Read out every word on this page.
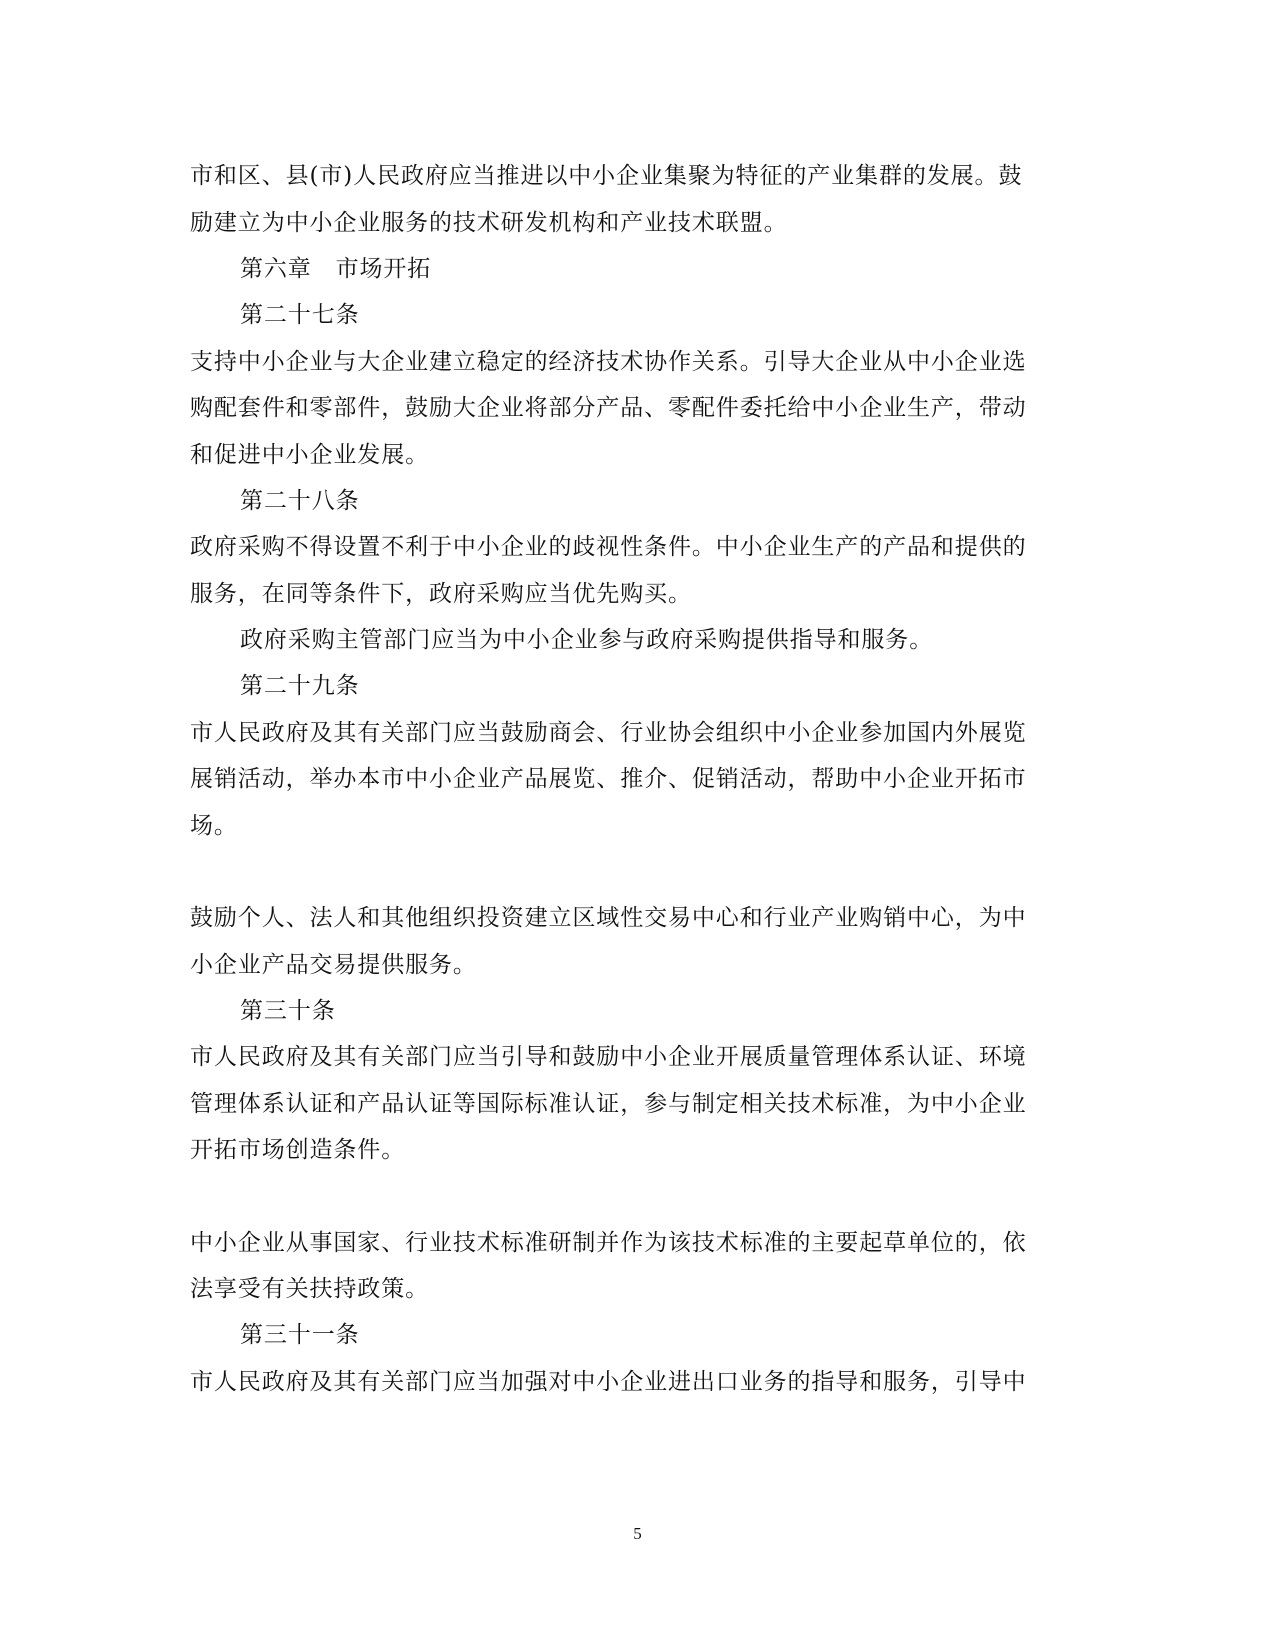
市和区、县(市)人民政府应当推进以中小企业集聚为特征的产业集群的发展。鼓
励建立为中小企业服务的技术研发机构和产业技术联盟。
第六章　市场开拓
第二十七条
支持中小企业与大企业建立稳定的经济技术协作关系。引导大企业从中小企业选
购配套件和零部件，鼓励大企业将部分产品、零配件委托给中小企业生产，带动
和促进中小企业发展。
第二十八条
政府采购不得设置不利于中小企业的歧视性条件。中小企业生产的产品和提供的
服务，在同等条件下，政府采购应当优先购买。
政府采购主管部门应当为中小企业参与政府采购提供指导和服务。
第二十九条
市人民政府及其有关部门应当鼓励商会、行业协会组织中小企业参加国内外展览
展销活动，举办本市中小企业产品展览、推介、促销活动，帮助中小企业开拓市
场。
鼓励个人、法人和其他组织投资建立区域性交易中心和行业产业购销中心，为中
小企业产品交易提供服务。
第三十条
市人民政府及其有关部门应当引导和鼓励中小企业开展质量管理体系认证、环境
管理体系认证和产品认证等国际标准认证，参与制定相关技术标准，为中小企业
开拓市场创造条件。
中小企业从事国家、行业技术标准研制并作为该技术标准的主要起草单位的，依
法享受有关扶持政策。
第三十一条
市人民政府及其有关部门应当加强对中小企业进出口业务的指导和服务，引导中
5
